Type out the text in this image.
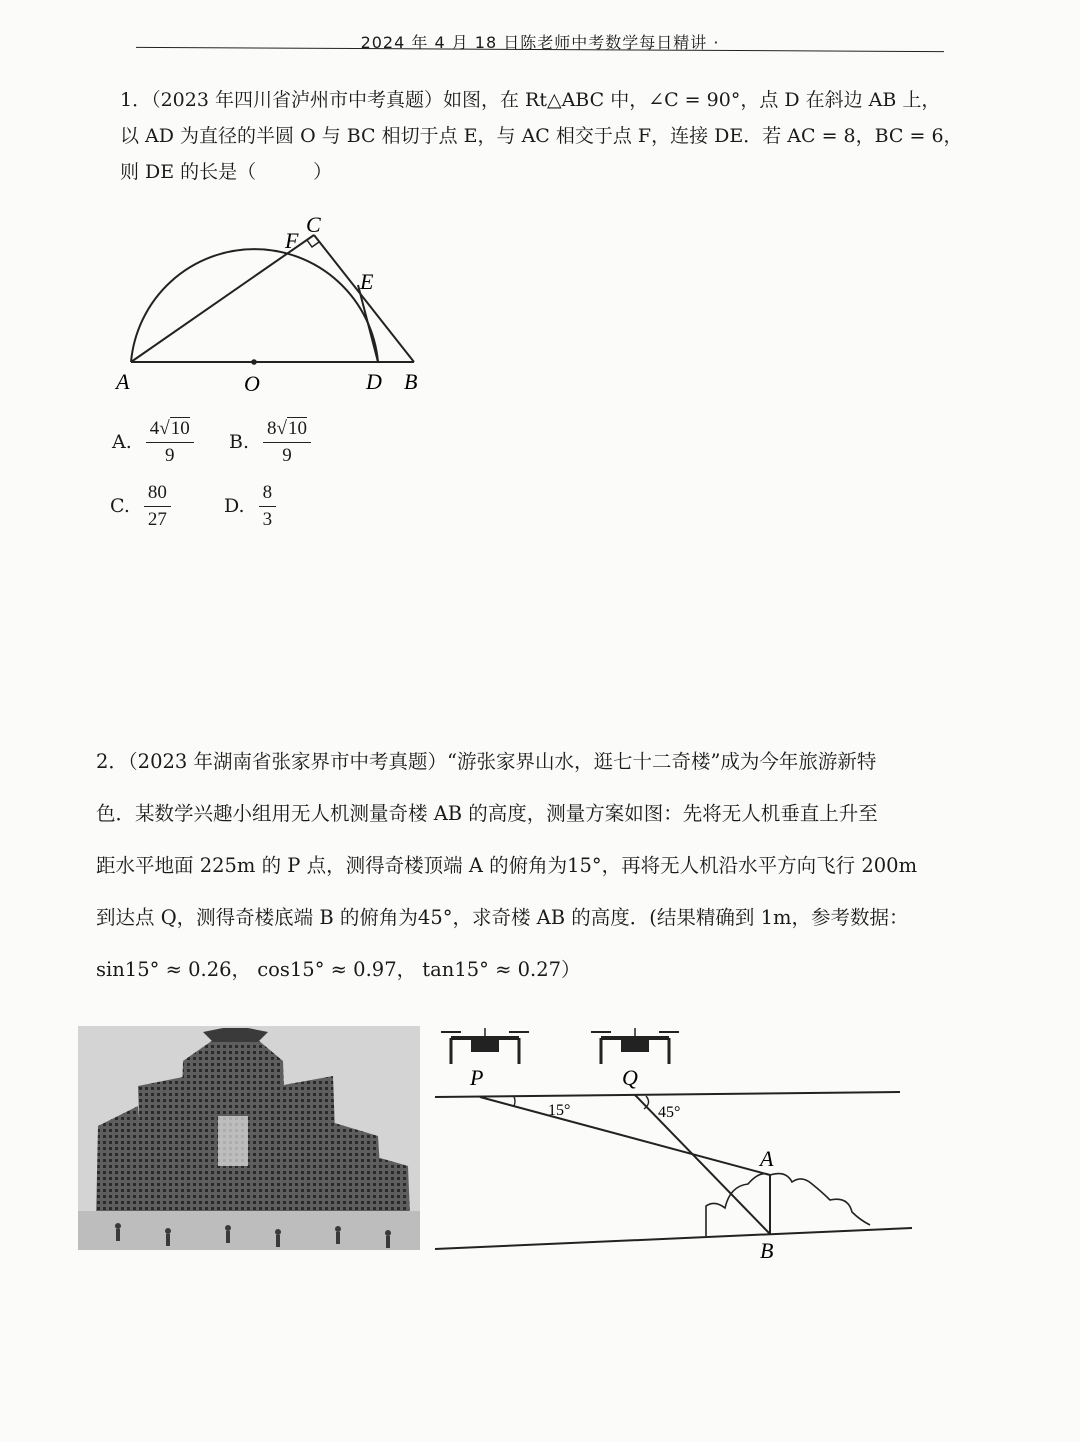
2024 年 4 月 18 日陈老师中考数学每日精讲 ·

1．（2023 年四川省泸州市中考真题）如图，在 Rt△ABC 中，∠C = 90°，点 D 在斜边 AB 上，

以 AD 为直径的半圆 O 与 BC 相切于点 E，与 AC 相交于点 F，连接 DE．若 AC = 8，BC = 6，

则 DE 的长是（　　　）

A	O	D B
C
F
E
A. $\frac{4√10}{9} B$. $\frac{8√10}{9}$
C. $\frac{80}{27}$	D. $\frac{8}{3}$

2．（2023 年湖南省张家界市中考真题）“游张家界山水，逛七十二奇楼”成为今年旅游新特

色．某数学兴趣小组用无人机测量奇楼 AB 的高度，测量方案如图：先将无人机垂直上升至

距水平地面 225m 的 P 点，测得奇楼顶端 A 的俯角为15°，再将无人机沿水平方向飞行 200m

到达点 Q，测得奇楼底端 B 的俯角为45°，求奇楼 AB 的高度．(结果精确到 1m，参考数据：

sin15° ≈ 0.26， cos15° ≈ 0.97， tan15° ≈ 0.27）

P	Q
A
B
15°	45°
